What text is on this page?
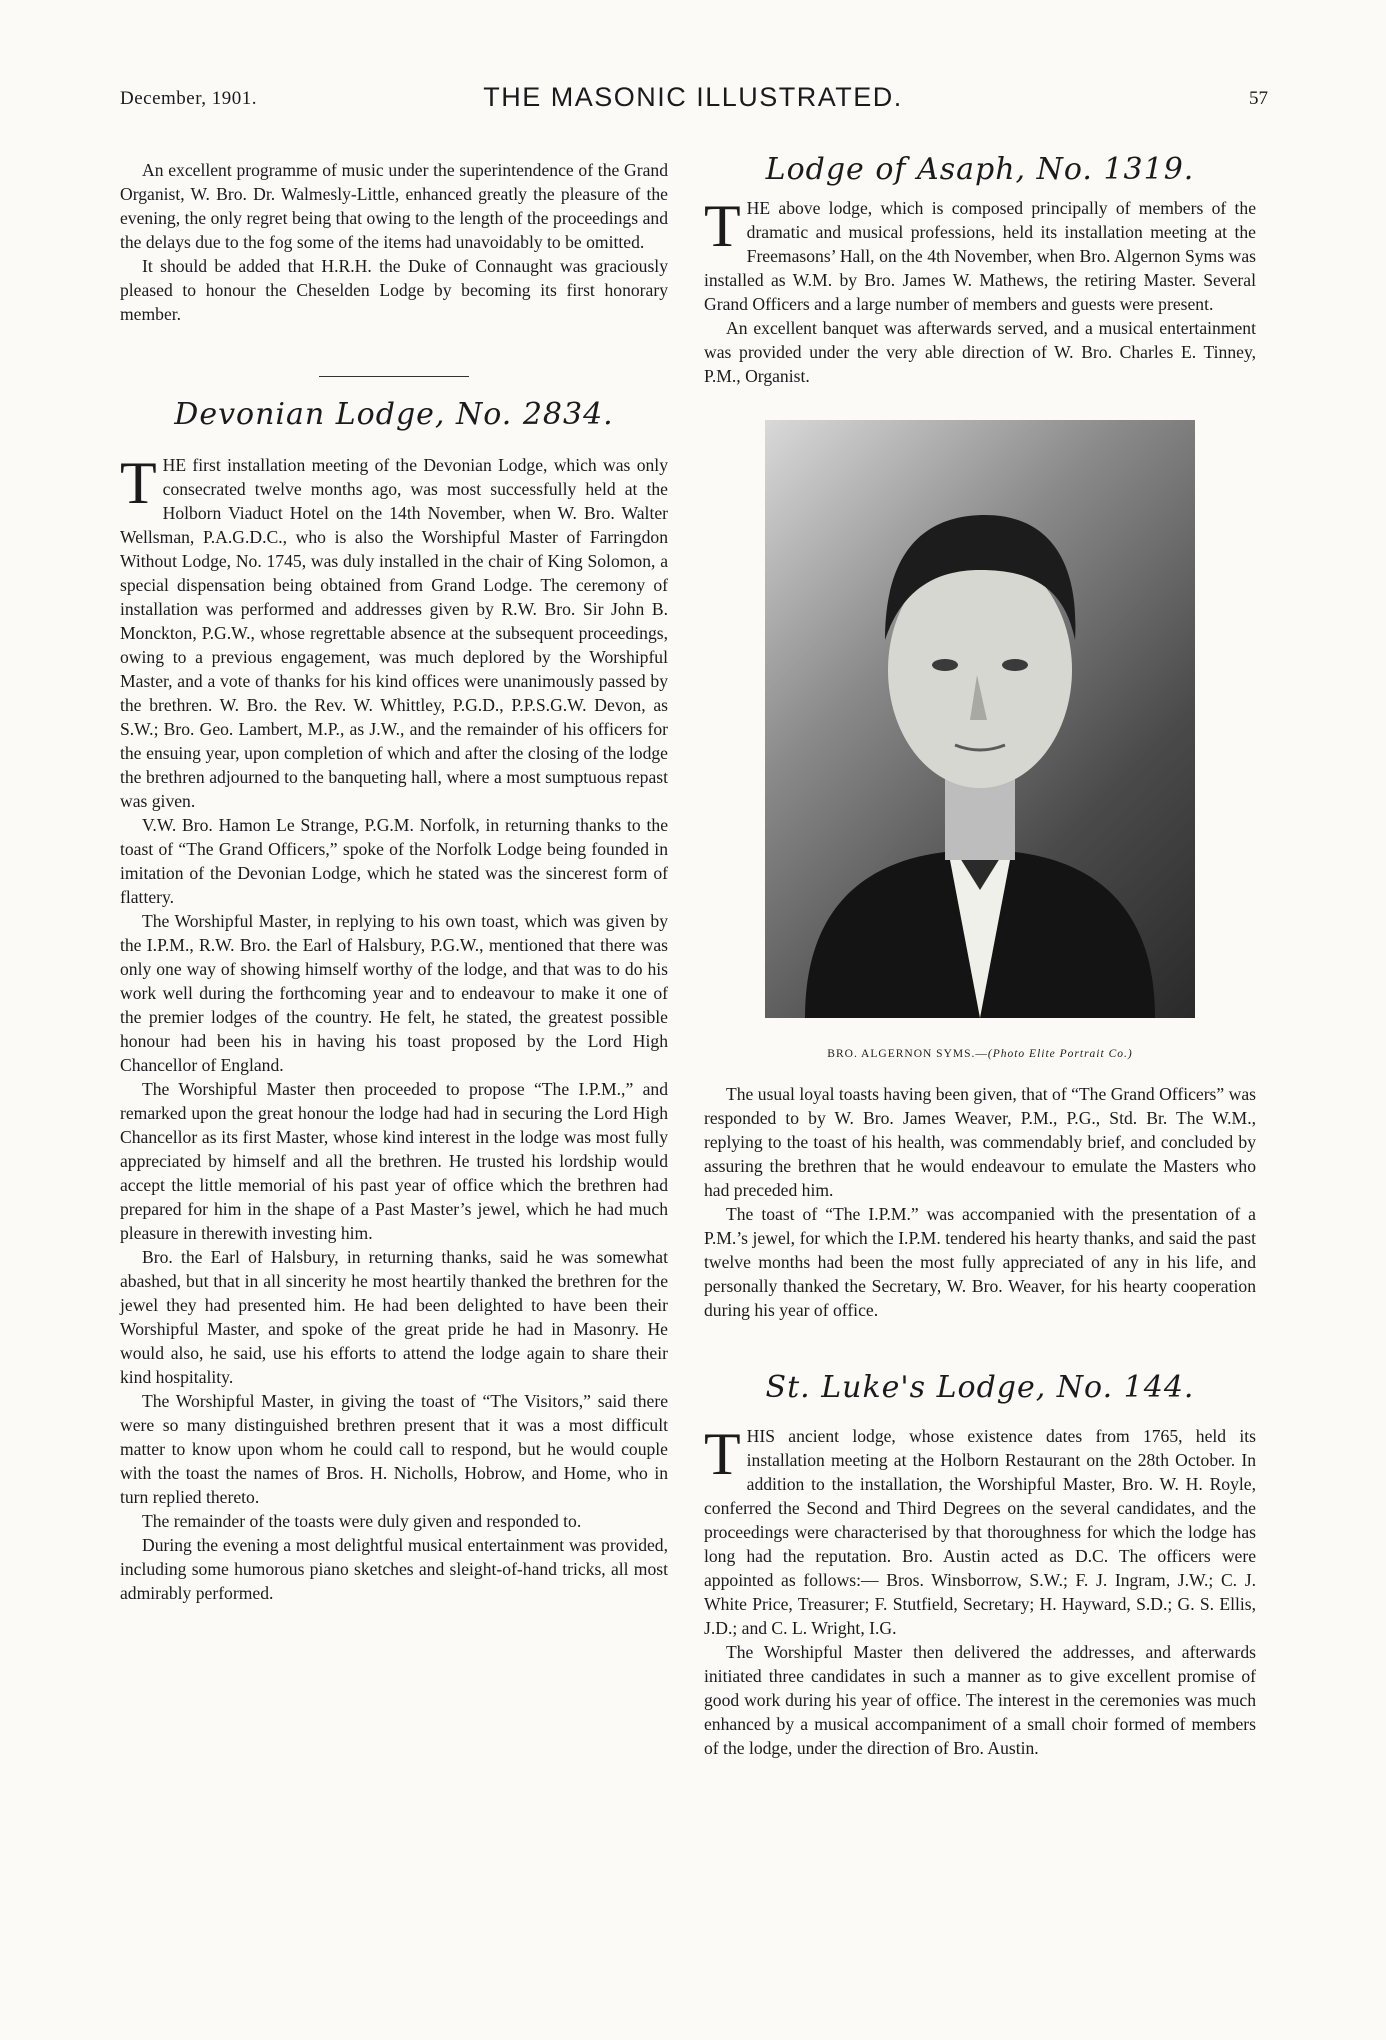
December, 1901.	THE MASONIC ILLUSTRATED.	57

An excellent programme of music under the superintendence of the Grand Organist, W. Bro. Dr. Walmesly-Little, enhanced greatly the pleasure of the evening, the only regret being that owing to the length of the proceedings and the delays due to the fog some of the items had unavoidably to be omitted.

It should be added that H.R.H. the Duke of Connaught was graciously pleased to honour the Cheselden Lodge by becoming its first honorary member.

Devonian Lodge, No. 2834.

THE first installation meeting of the Devonian Lodge, which was only consecrated twelve months ago, was most successfully held at the Holborn Viaduct Hotel on the 14th November, when W. Bro. Walter Wellsman, P.A.G.D.C., who is also the Worshipful Master of Farringdon Without Lodge, No. 1745, was duly installed in the chair of King Solomon, a special dispensation being obtained from Grand Lodge. The ceremony of installation was performed and addresses given by R.W. Bro. Sir John B. Monckton, P.G.W., whose regrettable absence at the subsequent proceedings, owing to a previous engagement, was much deplored by the Worshipful Master, and a vote of thanks for his kind offices were unanimously passed by the brethren. W. Bro. the Rev. W. Whittley, P.G.D., P.P.S.G.W. Devon, as S.W.; Bro. Geo. Lambert, M.P., as J.W., and the remainder of his officers for the ensuing year, upon completion of which and after the closing of the lodge the brethren adjourned to the banqueting hall, where a most sumptuous repast was given.

V.W. Bro. Hamon Le Strange, P.G.M. Norfolk, in returning thanks to the toast of “The Grand Officers,” spoke of the Norfolk Lodge being founded in imitation of the Devonian Lodge, which he stated was the sincerest form of flattery.

The Worshipful Master, in replying to his own toast, which was given by the I.P.M., R.W. Bro. the Earl of Halsbury, P.G.W., mentioned that there was only one way of showing himself worthy of the lodge, and that was to do his work well during the forthcoming year and to endeavour to make it one of the premier lodges of the country. He felt, he stated, the greatest possible honour had been his in having his toast proposed by the Lord High Chancellor of England.

The Worshipful Master then proceeded to propose “The I.P.M.,” and remarked upon the great honour the lodge had had in securing the Lord High Chancellor as its first Master, whose kind interest in the lodge was most fully appreciated by himself and all the brethren. He trusted his lordship would accept the little memorial of his past year of office which the brethren had prepared for him in the shape of a Past Master’s jewel, which he had much pleasure in therewith investing him.

Bro. the Earl of Halsbury, in returning thanks, said he was somewhat abashed, but that in all sincerity he most heartily thanked the brethren for the jewel they had presented him. He had been delighted to have been their Worshipful Master, and spoke of the great pride he had in Masonry. He would also, he said, use his efforts to attend the lodge again to share their kind hospitality.

The Worshipful Master, in giving the toast of “The Visitors,” said there were so many distinguished brethren present that it was a most difficult matter to know upon whom he could call to respond, but he would couple with the toast the names of Bros. H. Nicholls, Hobrow, and Home, who in turn replied thereto.

The remainder of the toasts were duly given and responded to.

During the evening a most delightful musical entertainment was provided, including some humorous piano sketches and sleight-of-hand tricks, all most admirably performed.

Lodge of Asaph, No. 1319.

THE above lodge, which is composed principally of members of the dramatic and musical professions, held its installation meeting at the Freemasons’ Hall, on the 4th November, when Bro. Algernon Syms was installed as W.M. by Bro. James W. Mathews, the retiring Master. Several Grand Officers and a large number of members and guests were present.

An excellent banquet was afterwards served, and a musical entertainment was provided under the very able direction of W. Bro. Charles E. Tinney, P.M., Organist.

BRO. ALGERNON SYMS.—(Photo Elite Portrait Co.)

The usual loyal toasts having been given, that of “The Grand Officers” was responded to by W. Bro. James Weaver, P.M., P.G., Std. Br. The W.M., replying to the toast of his health, was commendably brief, and concluded by assuring the brethren that he would endeavour to emulate the Masters who had preceded him.

The toast of “The I.P.M.” was accompanied with the presentation of a P.M.’s jewel, for which the I.P.M. tendered his hearty thanks, and said the past twelve months had been the most fully appreciated of any in his life, and personally thanked the Secretary, W. Bro. Weaver, for his hearty cooperation during his year of office.

St. Luke's Lodge, No. 144.

THIS ancient lodge, whose existence dates from 1765, held its installation meeting at the Holborn Restaurant on the 28th October. In addition to the installation, the Worshipful Master, Bro. W. H. Royle, conferred the Second and Third Degrees on the several candidates, and the proceedings were characterised by that thoroughness for which the lodge has long had the reputation. Bro. Austin acted as D.C. The officers were appointed as follows:— Bros. Winsborrow, S.W.; F. J. Ingram, J.W.; C. J. White Price, Treasurer; F. Stutfield, Secretary; H. Hayward, S.D.; G. S. Ellis, J.D.; and C. L. Wright, I.G.

The Worshipful Master then delivered the addresses, and afterwards initiated three candidates in such a manner as to give excellent promise of good work during his year of office. The interest in the ceremonies was much enhanced by a musical accompaniment of a small choir formed of members of the lodge, under the direction of Bro. Austin.
